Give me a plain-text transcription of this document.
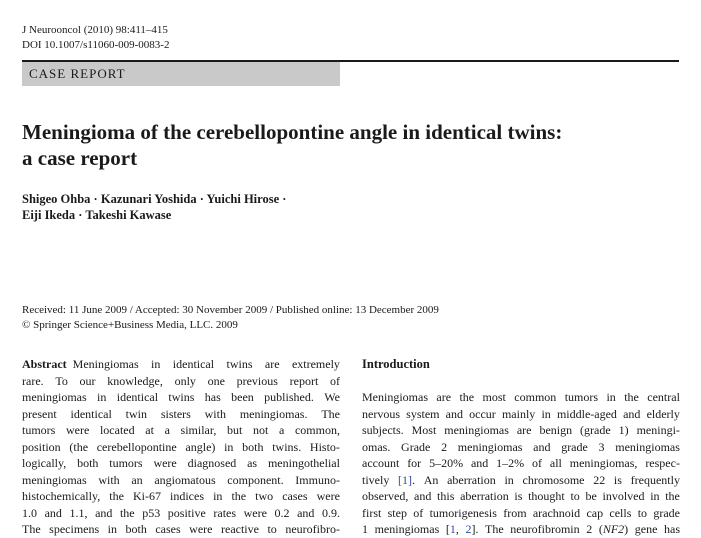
J Neurooncol (2010) 98:411–415
DOI 10.1007/s11060-009-0083-2
CASE REPORT
Meningioma of the cerebellopontine angle in identical twins:
a case report
Shigeo Ohba · Kazunari Yoshida · Yuichi Hirose ·
Eiji Ikeda · Takeshi Kawase
Received: 11 June 2009 / Accepted: 30 November 2009 / Published online: 13 December 2009
© Springer Science+Business Media, LLC. 2009
Abstract Meningiomas in identical twins are extremely
rare. To our knowledge, only one previous report of
meningiomas in identical twins has been published. We
present identical twin sisters with meningiomas. The
tumors were located at a similar, but not a common,
position (the cerebellopontine angle) in both twins. Histo-
logically, both tumors were diagnosed as meningothelial
meningiomas with an angiomatous component. Immuno-
histochemically, the Ki-67 indices in the two cases were
1.0 and 1.1, and the p53 positive rates were 0.2 and 0.9.
The specimens in both cases were reactive to neurofibro-
Introduction
Meningiomas are the most common tumors in the central
nervous system and occur mainly in middle-aged and elderly
subjects. Most meningiomas are benign (grade 1) meningi-
omas. Grade 2 meningiomas and grade 3 meningiomas
account for 5–20% and 1–2% of all meningiomas, respec-
tively [1]. An aberration in chromosome 22 is frequently
observed, and this aberration is thought to be involved in the
first step of tumorigenesis from arachnoid cap cells to grade
1 meningiomas [1, 2]. The neurofibromin 2 (NF2) gene has
